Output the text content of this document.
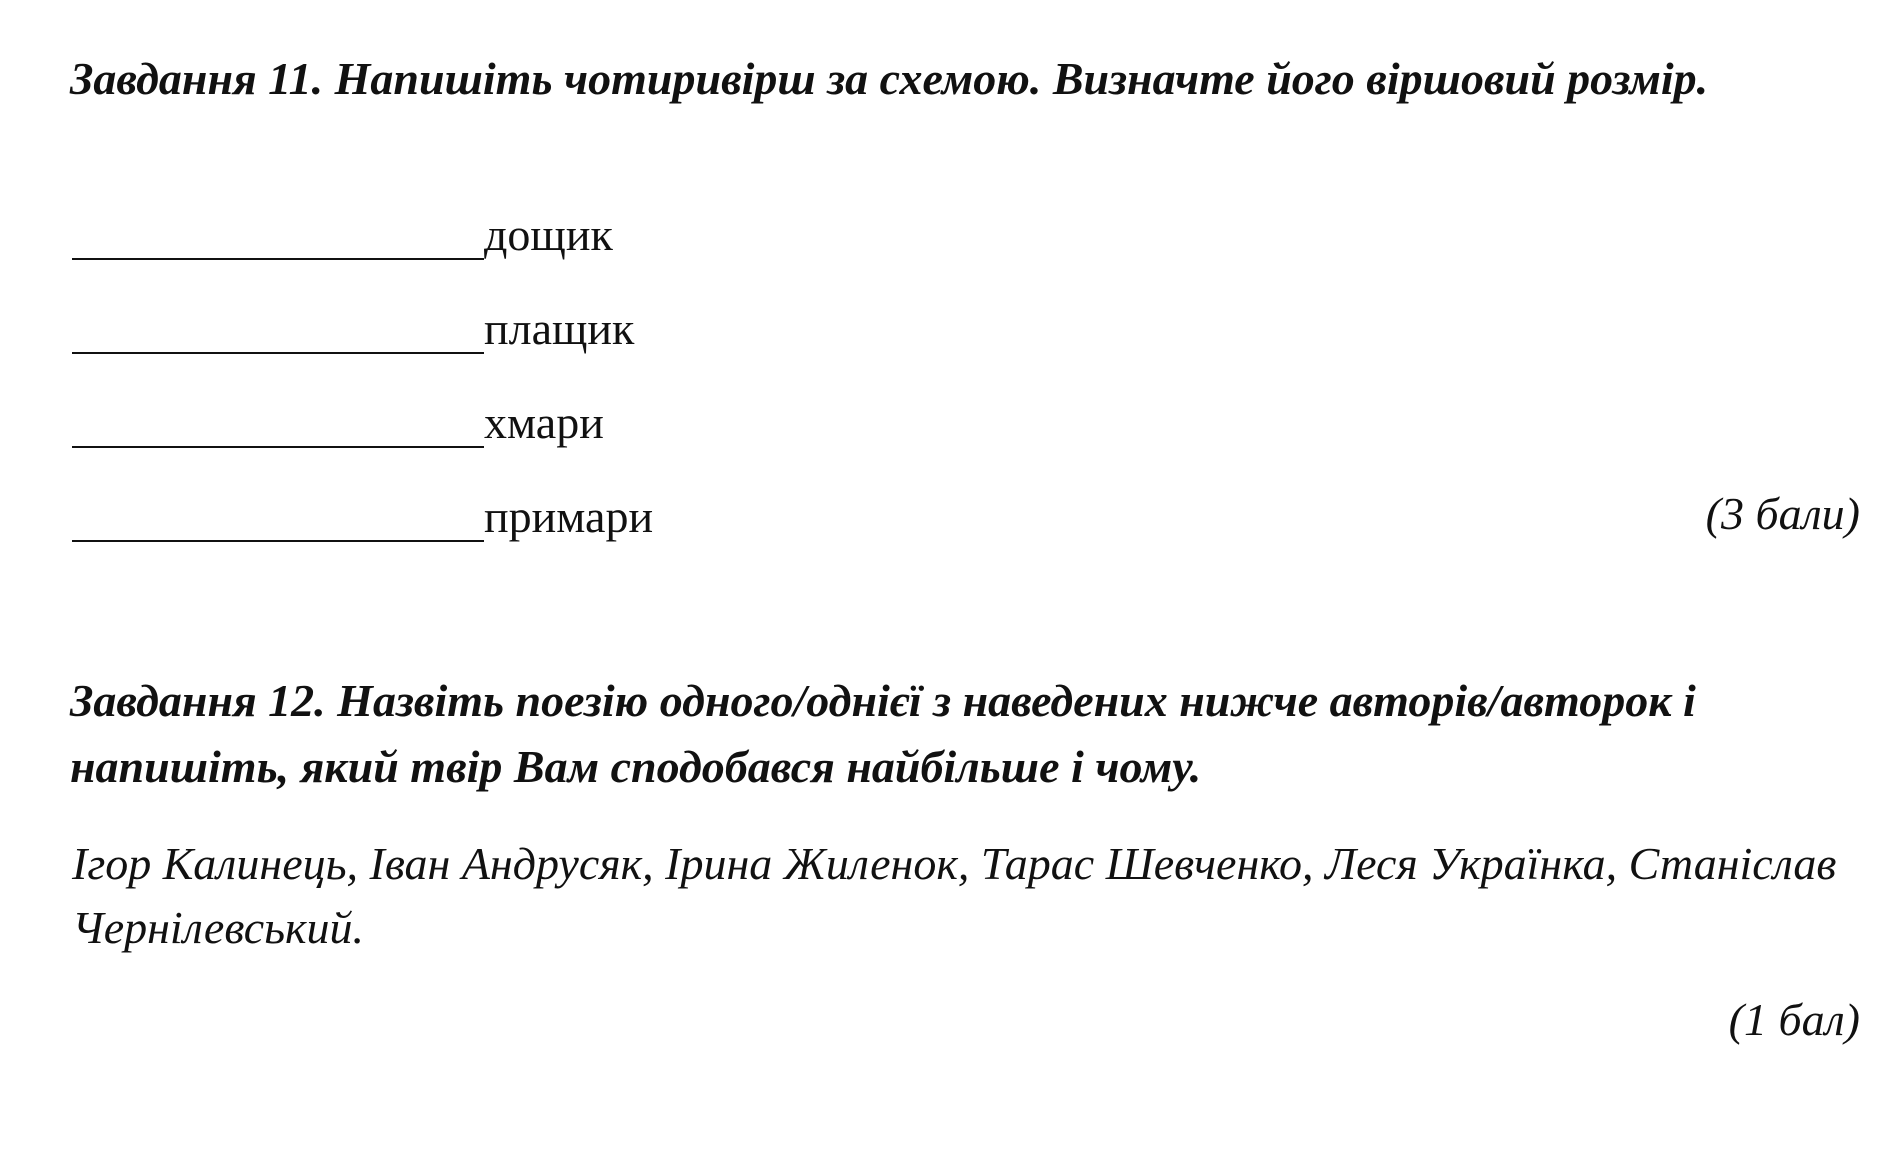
Завдання 11. Напишіть чотиривірш за схемою. Визначте його віршовий розмір.

дощик
плащик
хмари
примари	(3 бали)

Завдання 12. Назвіть поезію одного/однієї з наведених нижче авторів/авторок і напишіть, який твір Вам сподобався найбільше і чому.

Ігор Калинець, Іван Андрусяк, Ірина Жиленок, Тарас Шевченко, Леся Українка, Станіслав Чернілевський.

(1 бал)
